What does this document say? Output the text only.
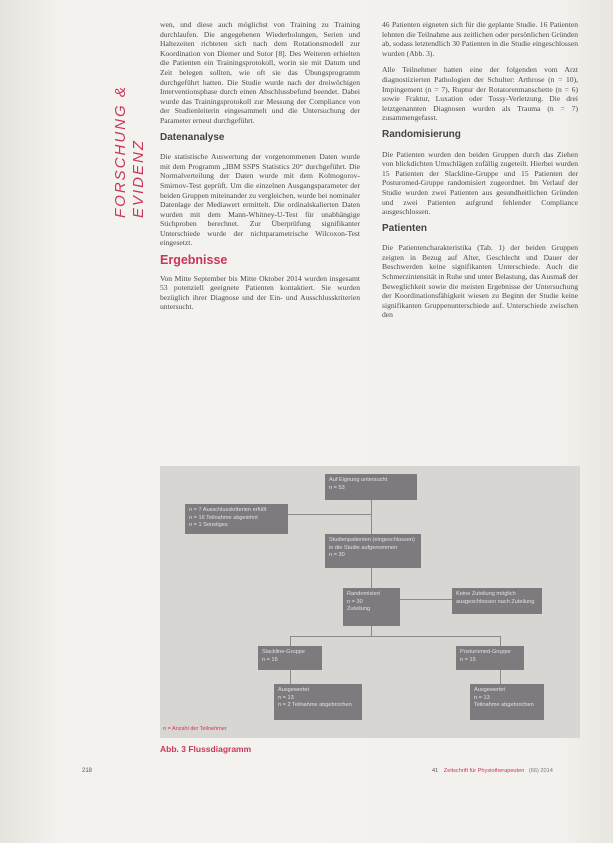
FORSCHUNG & EVIDENZ

wen, und diese auch möglichst von Training zu Training durchlaufen. Die angegebenen Wiederholungen, Serien und Haltezeiten richteten sich nach dem Rotationsmodell zur Koordination von Diemer und Sutor [8]. Des Weiteren erhielten die Patienten ein Trainingsprotokoll, worin sie mit Datum und Zeit belegen sollten, wie oft sie das Übungsprogramm durchgeführt hatten. Die Studie wurde nach der dreiwöchigen Interventionsphase durch einen Abschlussbefund beendet. Dabei wurde das Trainingsprotokoll zur Messung der Compliance von der Studienleiterin eingesammelt und die Untersuchung der Parameter erneut durchgeführt.

Datenanalyse

Die statistische Auswertung der vorgenommenen Daten wurde mit dem Programm „IBM SSPS Statistics 20“ durchgeführt. Die Normalverteilung der Daten wurde mit dem Kolmogorov-Smirnov-Test geprüft. Um die einzelnen Ausgangsparameter der beiden Gruppen miteinander zu vergleichen, wurde bei nominaler Datenlage der Mediawert ermittelt. Die ordinalskalierten Daten wurden mit dem Mann-Whitney-U-Test für unabhängige Stichproben berechnet. Zur Überprüfung signifikanter Unterschiede wurde der nichtparametrische Wilcoxon-Test eingesetzt.

Ergebnisse

Von Mitte September bis Mitte Oktober 2014 wurden insgesamt 53 potenziell geeignete Patienten kontaktiert. Sie wurden bezüglich ihrer Diagnose und der Ein- und Ausschlusskriterien untersucht.

46 Patienten eigneten sich für die geplante Studie. 16 Patienten lehnten die Teilnahme aus zeitlichen oder persönlichen Gründen ab, sodass letztendlich 30 Patienten in die Studie eingeschlossen wurden (Abb. 3).

Alle Teilnehmer hatten eine der folgenden vom Arzt diagnostizierten Pathologien der Schulter: Arthrose (n = 10), Impingement (n = 7), Ruptur der Rotatorenmanschette (n = 6) sowie Fraktur, Luxation oder Tossy-Verletzung. Die drei letztgenannten Diagnosen wurden als Trauma (n = 7) zusammengefasst.

Randomisierung

Die Patienten wurden den beiden Gruppen durch das Ziehen von blickdichten Umschlägen zufällig zugeteilt. Hierbei wurden 15 Patienten der Slackline-Gruppe und 15 Patienten der Posturomed-Gruppe randomisiert zugeordnet. Im Verlauf der Studie wurden zwei Patienten aus gesundheitlichen Gründen und zwei Patienten aufgrund fehlender Compliance ausgeschlossen.

Patienten

Die Patientencharakteristika (Tab. 1) der beiden Gruppen zeigten in Bezug auf Alter, Geschlecht und Dauer der Beschwerden keine signifikanten Unterschiede. Auch die Schmerzintensität in Ruhe und unter Belastung, das Ausmaß der Beweglichkeit sowie die meisten Ergebnisse der Untersuchung der Koordinationsfähigkeit wiesen zu Beginn der Studie keine signifikanten Gruppenunterschiede auf. Unterschiede zwischen den

Auf Eignung untersucht
n = 53
n = 7 Ausschlusskriterien erfüllt
n = 16 Teilnahme abgelehnt
n = 1 Sonstiges
Studienpatienten (eingeschlossen)
in die Studie aufgenommen
n = 30
Randomisiert
n = 30
Zuteilung
Keine Zuteilung möglich
ausgeschlossen nach Zuteilung
Slackline-Gruppe
n = 15
Posturomed-Gruppe
n = 15
Ausgewertet
n = 13
n = 2 Teilnahme abgebrochen
Ausgewertet
n = 13
Teilnahme abgebrochen
n = Anzahl der Teilnehmer
Abb. 3 Flussdiagramm
218	41 Zeitschrift für Physiotherapeuten (66) 2014
